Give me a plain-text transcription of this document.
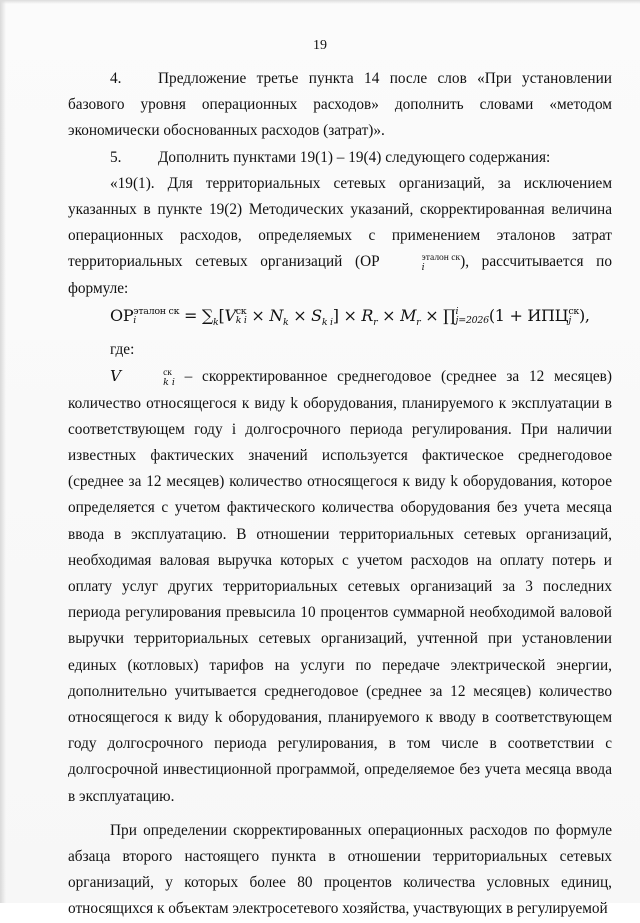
19

4. Предложение третье пункта 14 после слов «При установлении базового уровня операционных расходов» дополнить словами «методом экономически обоснованных расходов (затрат)».

5. Дополнить пунктами 19(1) – 19(4) следующего содержания:

«19(1). Для территориальных сетевых организаций, за исключением указанных в пункте 19(2) Методических указаний, скорректированная величина операционных расходов, определяемых с применением эталонов затрат территориальных сетевых организаций (ОР	эталон ск
i	), рассчитывается по формуле:

ОР эталон ск
i	= $\sum_k[V$ ск
k $i \times N_k \times S_{k i}] \times R_r \times M_r$ × ∏ i
j=2026 (1 + ИПЦ ск
j ),

где:

V	ск
k i – скорректированное среднегодовое (среднее за 12 месяцев) количество относящегося к виду k оборудования, планируемого к эксплуатации в соответствующем году i долгосрочного периода регулирования. При наличии известных фактических значений используется фактическое среднегодовое (среднее за 12 месяцев) количество относящегося к виду k оборудования, которое определяется с учетом фактического количества оборудования без учета месяца ввода в эксплуатацию. В отношении территориальных сетевых организаций, необходимая валовая выручка которых с учетом расходов на оплату потерь и оплату услуг других территориальных сетевых организаций за 3 последних периода регулирования превысила 10 процентов суммарной необходимой валовой выручки территориальных сетевых организаций, учтенной при установлении единых (котловых) тарифов на услуги по передаче электрической энергии, дополнительно учитывается среднегодовое (среднее за 12 месяцев) количество относящегося к виду k оборудования, планируемого к вводу в соответствующем году долгосрочного периода регулирования, в том числе в соответствии с долгосрочной инвестиционной программой, определяемое без учета месяца ввода в эксплуатацию.

При определении скорректированных операционных расходов по формуле абзаца второго настоящего пункта в отношении территориальных сетевых организаций, у которых более 80 процентов количества условных единиц, относящихся к объектам электросетевого хозяйства, участвующих в регулируемой
